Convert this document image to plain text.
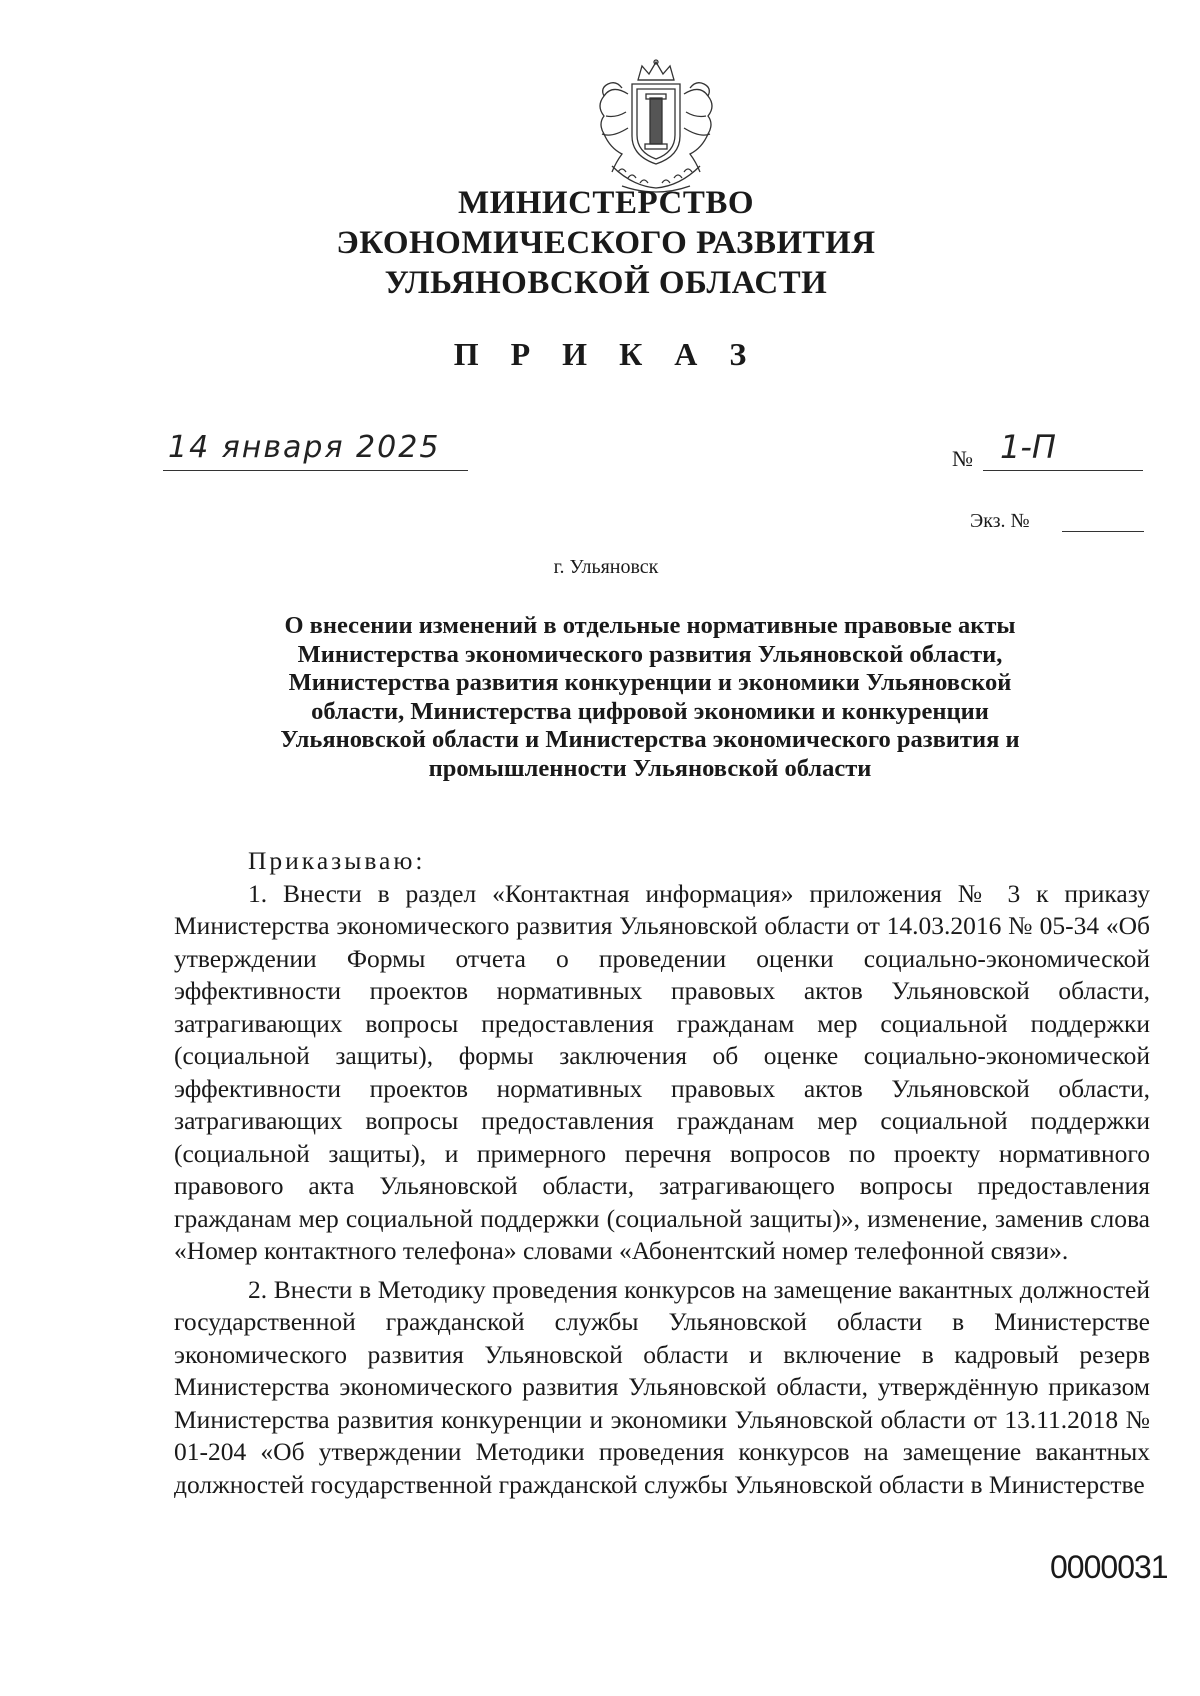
МИНИСТЕРСТВО
ЭКОНОМИЧЕСКОГО РАЗВИТИЯ
УЛЬЯНОВСКОЙ ОБЛАСТИ
П Р И К А З
14 января 2025	№ 1-П
Экз. №
г. Ульяновск
О внесении изменений в отдельные нормативные правовые акты Министерства экономического развития Ульяновской области, Министерства развития конкуренции и экономики Ульяновской области, Министерства цифровой экономики и конкуренции Ульяновской области и Министерства экономического развития и промышленности Ульяновской области
Приказываю:

1. Внести в раздел «Контактная информация» приложения № 3 к приказу Министерства экономического развития Ульяновской области от 14.03.2016 № 05-34 «Об утверждении Формы отчета о проведении оценки социально-экономической эффективности проектов нормативных правовых актов Ульяновской области, затрагивающих вопросы предоставления гражданам мер социальной поддержки (социальной защиты), формы заключения об оценке социально-экономической эффективности проектов нормативных правовых актов Ульяновской области, затрагивающих вопросы предоставления гражданам мер социальной поддержки (социальной защиты), и примерного перечня вопросов по проекту нормативного правового акта Ульяновской области, затрагивающего вопросы предоставления гражданам мер социальной поддержки (социальной защиты)», изменение, заменив слова «Номер контактного телефона» словами «Абонентский номер телефонной связи».

2. Внести в Методику проведения конкурсов на замещение вакантных должностей государственной гражданской службы Ульяновской области в Министерстве экономического развития Ульяновской области и включение в кадровый резерв Министерства экономического развития Ульяновской области, утверждённую приказом Министерства развития конкуренции и экономики Ульяновской области от 13.11.2018 № 01-204 «Об утверждении Методики проведения конкурсов на замещение вакантных должностей государственной гражданской службы Ульяновской области в Министерстве

0000031
